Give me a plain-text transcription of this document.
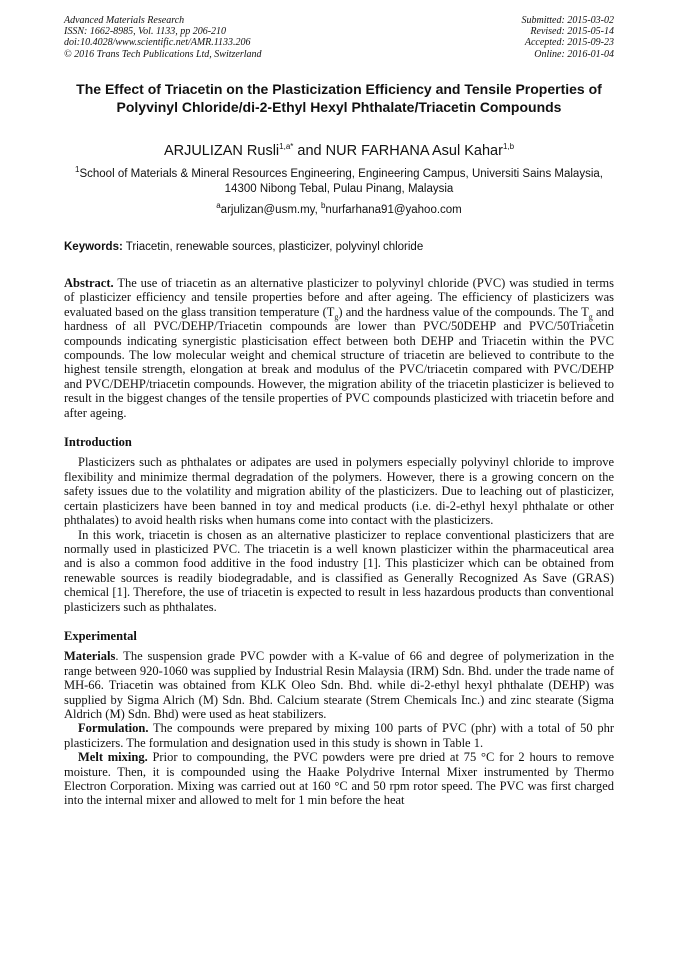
Advanced Materials Research
ISSN: 1662-8985, Vol. 1133, pp 206-210
doi:10.4028/www.scientific.net/AMR.1133.206
© 2016 Trans Tech Publications Ltd, Switzerland
Submitted: 2015-03-02
Revised: 2015-05-14
Accepted: 2015-09-23
Online: 2016-01-04
The Effect of Triacetin on the Plasticization Efficiency and Tensile Properties of Polyvinyl Chloride/di-2-Ethyl Hexyl Phthalate/Triacetin Compounds
ARJULIZAN Rusli$^{1,a*}$ and NUR FARHANA Asul Kahar$^{1,b}$
$^1$School of Materials & Mineral Resources Engineering, Engineering Campus, Universiti Sains Malaysia, 14300 Nibong Tebal, Pulau Pinang, Malaysia
$^a$arjulizan@usm.my, $^b$nurfarhana91@yahoo.com
Keywords: Triacetin, renewable sources, plasticizer, polyvinyl chloride

Abstract. The use of triacetin as an alternative plasticizer to polyvinyl chloride (PVC) was studied in terms of plasticizer efficiency and tensile properties before and after ageing. The efficiency of plasticizers was evaluated based on the glass transition temperature $(T_g)$ and the hardness value of the compounds. The $T_g$ and hardness of all PVC/DEHP/Triacetin compounds are lower than PVC/50DEHP and PVC/50Triacetin compounds indicating synergistic plasticisation effect between both DEHP and Triacetin within the PVC compounds. The low molecular weight and chemical structure of triacetin are believed to contribute to the highest tensile strength, elongation at break and modulus of the PVC/triacetin compared with PVC/DEHP and PVC/DEHP/triacetin compounds. However, the migration ability of the triacetin plasticizer is believed to result in the biggest changes of the tensile properties of PVC compounds plasticized with triacetin before and after ageing.

Introduction

Plasticizers such as phthalates or adipates are used in polymers especially polyvinyl chloride to improve flexibility and minimize thermal degradation of the polymers. However, there is a growing concern on the safety issues due to the volatility and migration ability of the plasticizers. Due to leaching out of plasticizer, certain plasticizers have been banned in toy and medical products (i.e. di-2-ethyl hexyl phthalate or other phthalates) to avoid health risks when humans come into contact with the plasticizers.

In this work, triacetin is chosen as an alternative plasticizer to replace conventional plasticizers that are normally used in plasticized PVC. The triacetin is a well known plasticizer within the pharmaceutical area and is also a common food additive in the food industry [1]. This plasticizer which can be obtained from renewable sources is readily biodegradable, and is classified as Generally Recognized As Save (GRAS) chemical [1]. Therefore, the use of triacetin is expected to result in less hazardous products than conventional plasticizers such as phthalates.

Experimental

Materials. The suspension grade PVC powder with a K-value of 66 and degree of polymerization in the range between 920-1060 was supplied by Industrial Resin Malaysia (IRM) Sdn. Bhd. under the trade name of MH-66. Triacetin was obtained from KLK Oleo Sdn. Bhd. while di-2-ethyl hexyl phthalate (DEHP) was supplied by Sigma Alrich (M) Sdn. Bhd. Calcium stearate (Strem Chemicals Inc.) and zinc stearate (Sigma Aldrich (M) Sdn. Bhd) were used as heat stabilizers.

Formulation. The compounds were prepared by mixing 100 parts of PVC (phr) with a total of 50 phr plasticizers. The formulation and designation used in this study is shown in Table 1.

Melt mixing. Prior to compounding, the PVC powders were pre dried at 75 °C for 2 hours to remove moisture. Then, it is compounded using the Haake Polydrive Internal Mixer instrumented by Thermo Electron Corporation. Mixing was carried out at 160 °C and 50 rpm rotor speed. The PVC was first charged into the internal mixer and allowed to melt for 1 min before the heat
